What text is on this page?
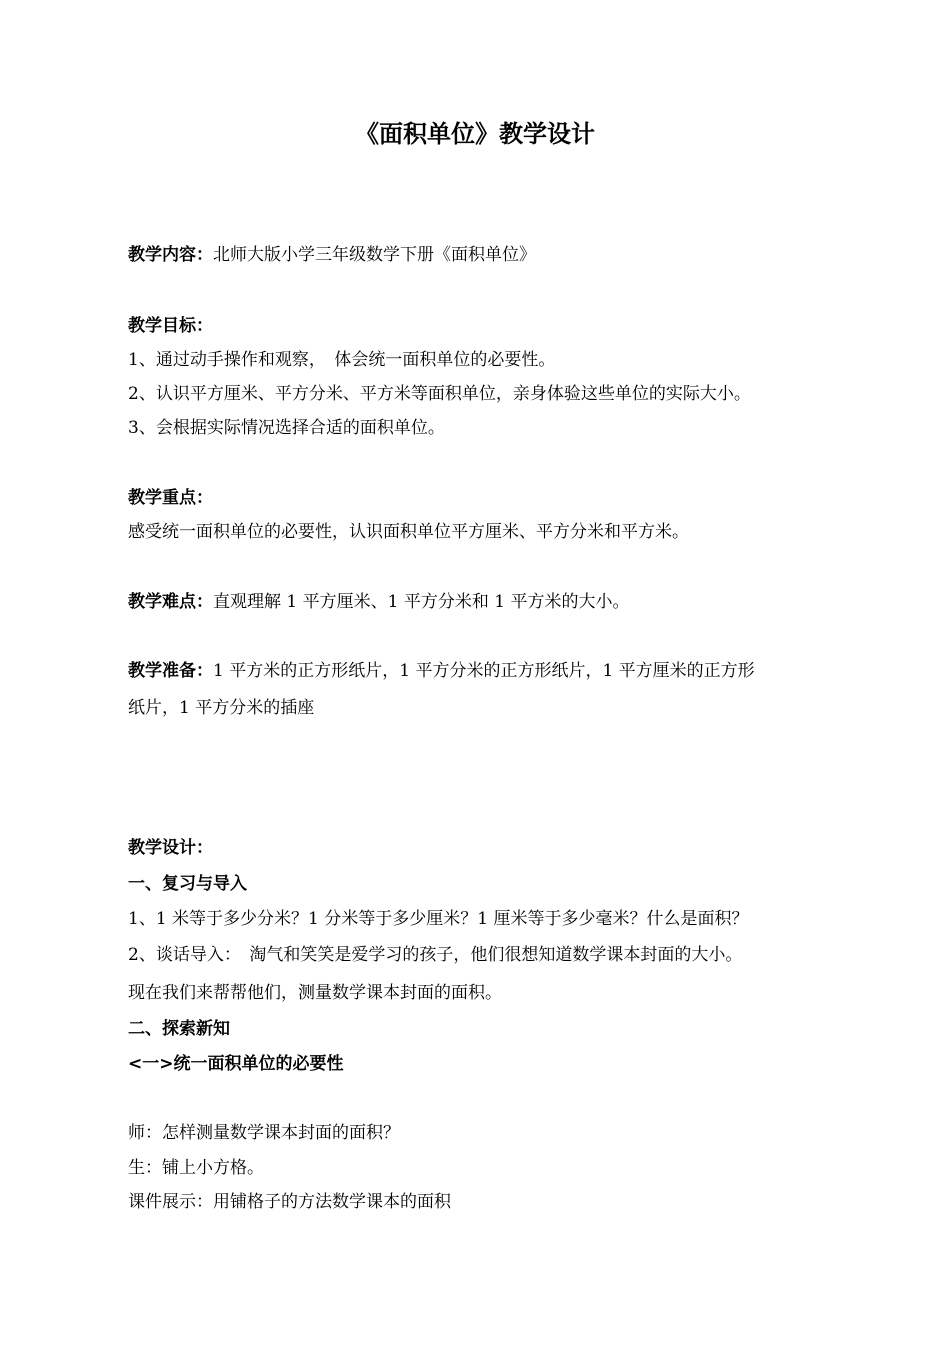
《面积单位》教学设计
教学内容：北师大版小学三年级数学下册《面积单位》
教学目标：
1、通过动手操作和观察，　体会统一面积单位的必要性。
2、认识平方厘米、平方分米、平方米等面积单位，亲身体验这些单位的实际大小。
3、会根据实际情况选择合适的面积单位。
教学重点：
感受统一面积单位的必要性，认识面积单位平方厘米、平方分米和平方米。
教学难点：直观理解 1 平方厘米、1 平方分米和 1 平方米的大小。
教学准备：1 平方米的正方形纸片，1 平方分米的正方形纸片，1 平方厘米的正方形
纸片，1 平方分米的插座
教学设计：
一、复习与导入
1、1 米等于多少分米？1 分米等于多少厘米？1 厘米等于多少毫米？什么是面积？
2、谈话导入：　淘气和笑笑是爱学习的孩子，他们很想知道数学课本封面的大小。
现在我们来帮帮他们，测量数学课本封面的面积。
二、探索新知
<一>统一面积单位的必要性
师：怎样测量数学课本封面的面积？
生：铺上小方格。
课件展示：用铺格子的方法数学课本的面积
